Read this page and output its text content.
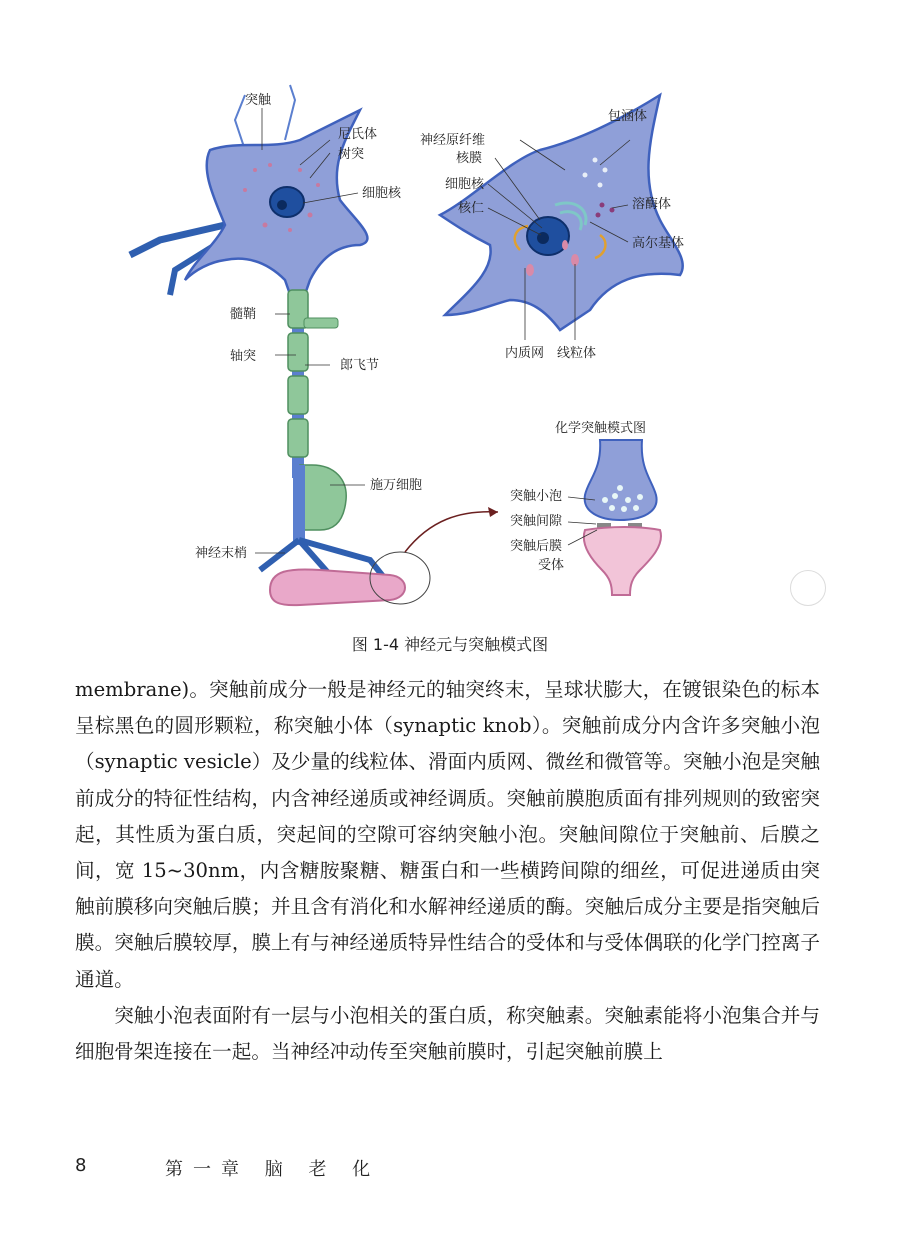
突触
尼氏体
树突
细胞核
髓鞘
轴突
郎飞节
施万细胞
神经末梢
神经原纤维
核膜
细胞核
核仁
包涵体
溶酶体
高尔基体
内质网 线粒体
化学突触模式图
突触小泡
突触间隙
突触后膜
受体
图 1-4 神经元与突触模式图

membrane)。突触前成分一般是神经元的轴突终末，呈球状膨大，在镀银染色的标本呈棕黑色的圆形颗粒，称突触小体（synaptic knob）。突触前成分内含许多突触小泡（synaptic vesicle）及少量的线粒体、滑面内质网、微丝和微管等。突触小泡是突触前成分的特征性结构，内含神经递质或神经调质。突触前膜胞质面有排列规则的致密突起，其性质为蛋白质，突起间的空隙可容纳突触小泡。突触间隙位于突触前、后膜之间，宽 15~30nm，内含糖胺聚糖、糖蛋白和一些横跨间隙的细丝，可促进递质由突触前膜移向突触后膜；并且含有消化和水解神经递质的酶。突触后成分主要是指突触后膜。突触后膜较厚，膜上有与神经递质特异性结合的受体和与受体偶联的化学门控离子通道。

突触小泡表面附有一层与小泡相关的蛋白质，称突触素。突触素能将小泡集合并与细胞骨架连接在一起。当神经冲动传至突触前膜时，引起突触前膜上

8	第一章 脑 老 化
